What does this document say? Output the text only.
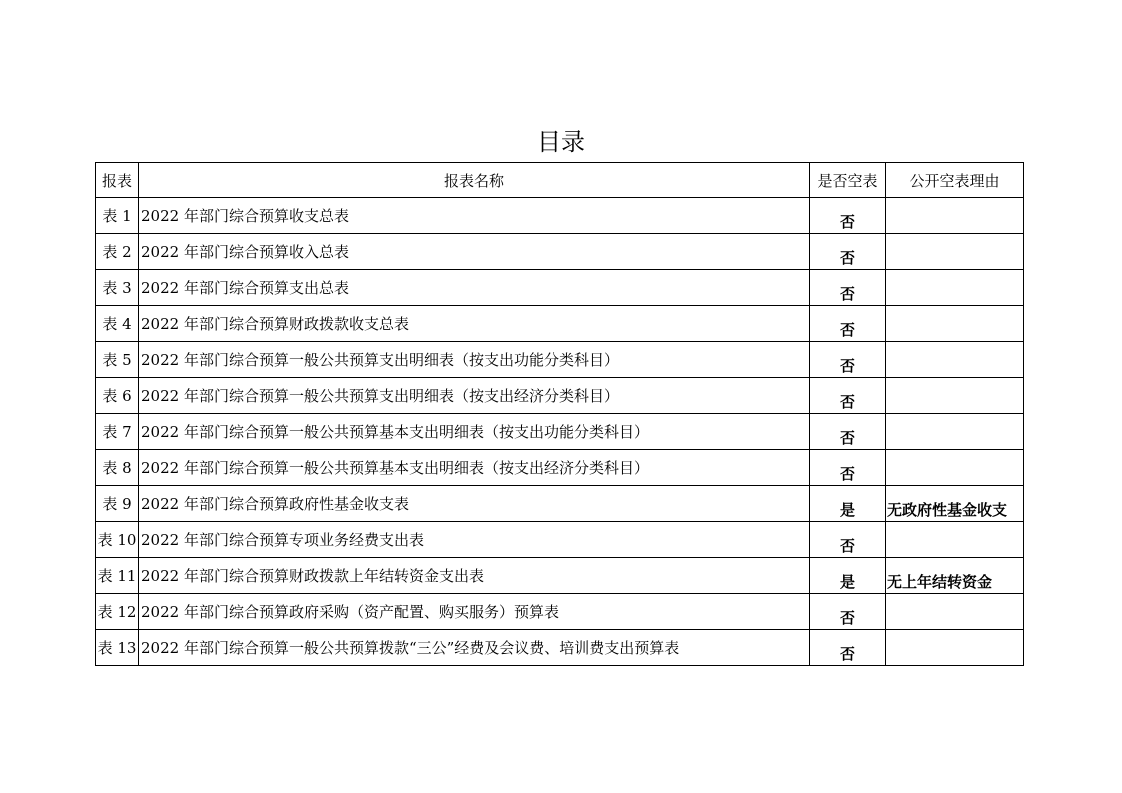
目录
报表	报表名称	是否空表	公开空表理由
表 1	2022 年部门综合预算收支总表	否	
表 2	2022 年部门综合预算收入总表	否	
表 3	2022 年部门综合预算支出总表	否	
表 4	2022 年部门综合预算财政拨款收支总表	否	
表 5	2022 年部门综合预算一般公共预算支出明细表（按支出功能分类科目）	否	
表 6	2022 年部门综合预算一般公共预算支出明细表（按支出经济分类科目）	否	
表 7	2022 年部门综合预算一般公共预算基本支出明细表（按支出功能分类科目）	否	
表 8	2022 年部门综合预算一般公共预算基本支出明细表（按支出经济分类科目）	否	
表 9	2022 年部门综合预算政府性基金收支表	是	无政府性基金收支
表 10	2022 年部门综合预算专项业务经费支出表	否	
表 11	2022 年部门综合预算财政拨款上年结转资金支出表	是	无上年结转资金
表 12	2022 年部门综合预算政府采购（资产配置、购买服务）预算表	否	
表 13	2022 年部门综合预算一般公共预算拨款“三公”经费及会议费、培训费支出预算表	否	
